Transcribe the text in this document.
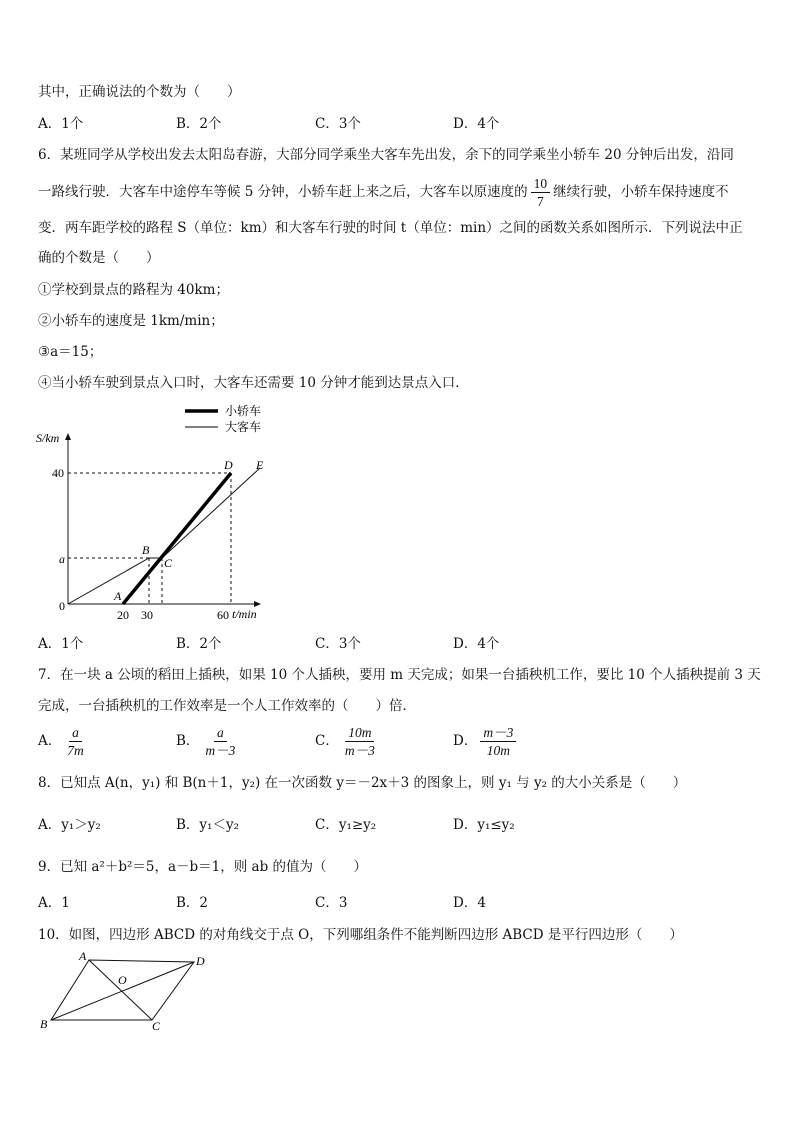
其中，正确说法的个数为（　　）
A．1个	B．2个	C．3个	D．4个
6．某班同学从学校出发去太阳岛春游，大部分同学乘坐大客车先出发，余下的同学乘坐小轿车 20 分钟后出发，沿同
一路线行驶．大客车中途停车等候 5 分钟，小轿车赶上来之后，大客车以原速度的 $\frac{10}{7}$ 继续行驶，小轿车保持速度不
变．两车距学校的路程 S（单位：km）和大客车行驶的时间 t（单位：min）之间的函数关系如图所示．下列说法中正
确的个数是（　　）
①学校到景点的路程为 40km；
②小轿车的速度是 1km/min；
③a＝15；
④当小轿车驶到景点入口时，大客车还需要 10 分钟才能到达景点入口．
小轿车
大客车
S/km
t/min
0
40
a
20 30	60
A
B
C
D E
A．1个	B．2个	C．3个	D．4个
7．在一块 a 公顷的稻田上插秧，如果 10 个人插秧，要用 m 天完成；如果一台插秧机工作，要比 10 个人插秧提前 3 天
完成，一台插秧机的工作效率是一个人工作效率的（　　）倍．
A． $\frac{a}{7m}$	B． $\frac{a}{m-3}$	C． $\frac{10m}{m-3}$	D． $\frac{m-3}{10m}$
8．已知点 A(n，y₁) 和 B(n＋1，y₂) 在一次函数 y＝－2x＋3 的图象上，则 y₁ 与 y₂ 的大小关系是（　　）
A．y₁＞y₂	B．y₁＜y₂	C．y₁≥y₂	D．y₁≤y₂
9．已知 a²＋b²＝5，a－b＝1，则 ab 的值为（　　）
A．1	B．2	C．3	D．4
10．如图，四边形 ABCD 的对角线交于点 O，下列哪组条件不能判断四边形 ABCD 是平行四边形（　　）
A
B	C
D
O
